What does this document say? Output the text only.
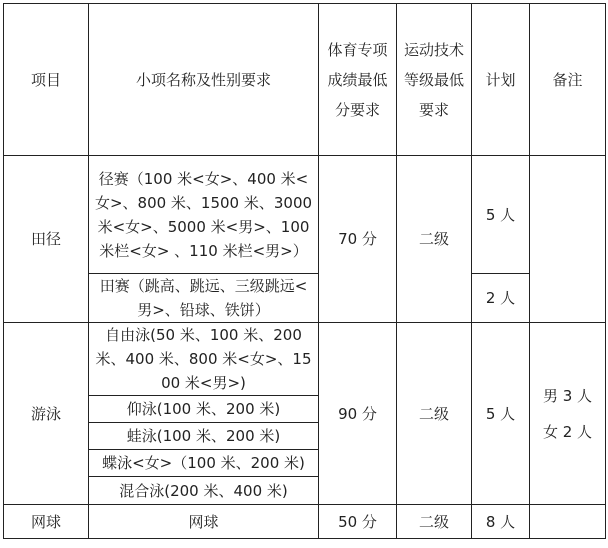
项目	小项名称及性别要求	体育专项成绩最低分要求	运动技术等级最低要求	计划	备注
田径	径赛（100 米<女>、400 米<女>、800 米、1500 米、3000 米<女>、5000 米<男>、100 米栏<女> 、110 米栏<男>）	70 分	二级	5 人	
	田赛（跳高、跳远、三级跳远<男>、铅球、铁饼）			2 人	
游泳	自由泳(50 米、100 米、200 米、400 米、800 米<女>、1500 米<男>)	90 分	二级	5 人	男 3 人
女 2 人

	仰泳(100 米、200 米)				
	蛙泳(100 米、200 米)				
	蝶泳<女>（100 米、200 米)				
	混合泳(200 米、400 米)				
网球	网球	50 分	二级	8 人	
